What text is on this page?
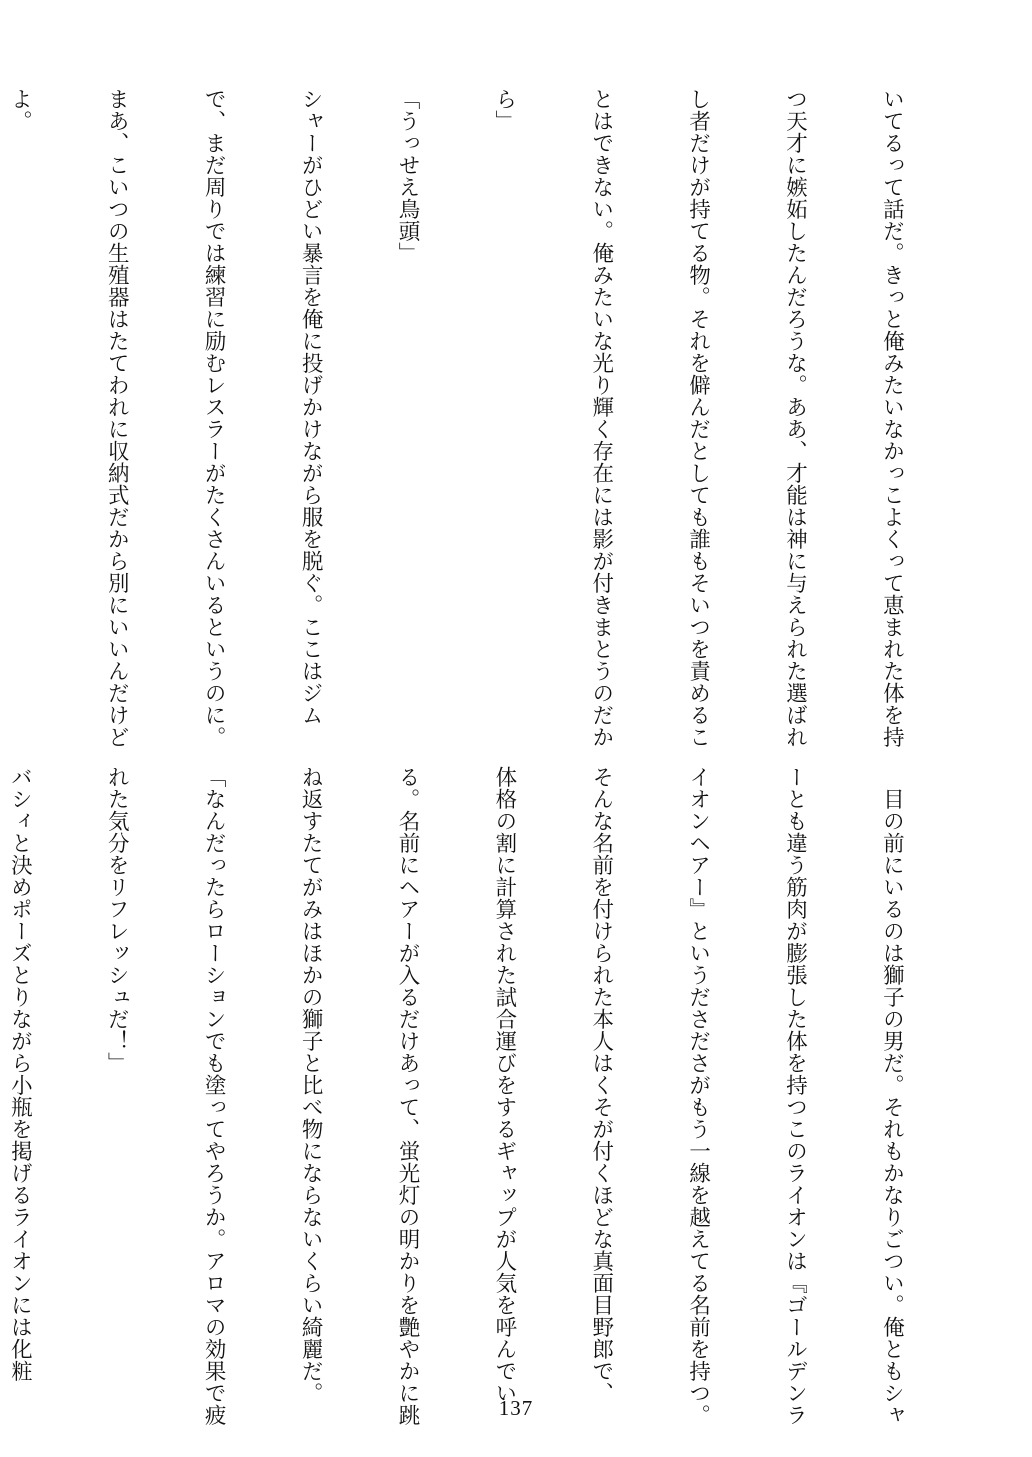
いてるって話だ。きっと俺みたいなかっこよくって恵まれた体を持

つ天才に嫉妬したんだろうな。ああ、才能は神に与えられた選ばれ

し者だけが持てる物。それを僻んだとしても誰もそいつを責めるこ

とはできない。俺みたいな光り輝く存在には影が付きまとうのだか

ら」

「うっせえ鳥頭」

シャーがひどい暴言を俺に投げかけながら服を脱ぐ。ここはジム

で、まだ周りでは練習に励むレスラーがたくさんいるというのに。

まあ、こいつの生殖器はたてわれに収納式だから別にいいんだけど

よ。

　目の前にいるのは獅子の男だ。それもかなりごつい。俺ともシャ

ーとも違う筋肉が膨張した体を持つこのライオンは『ゴールデンラ

イオンヘアー』というださださがもう一線を越えてる名前を持つ。

そんな名前を付けられた本人はくそが付くほどな真面目野郎で、

体格の割に計算された試合運びをするギャップが人気を呼んでい

る。名前にヘアーが入るだけあって、蛍光灯の明かりを艶やかに跳

ね返すたてがみはほかの獅子と比べ物にならないくらい綺麗だ。

「なんだったらローションでも塗ってやろうか。アロマの効果で疲

れた気分をリフレッシュだ！」

バシィと決めポーズとりながら小瓶を掲げるライオンには化粧

137
